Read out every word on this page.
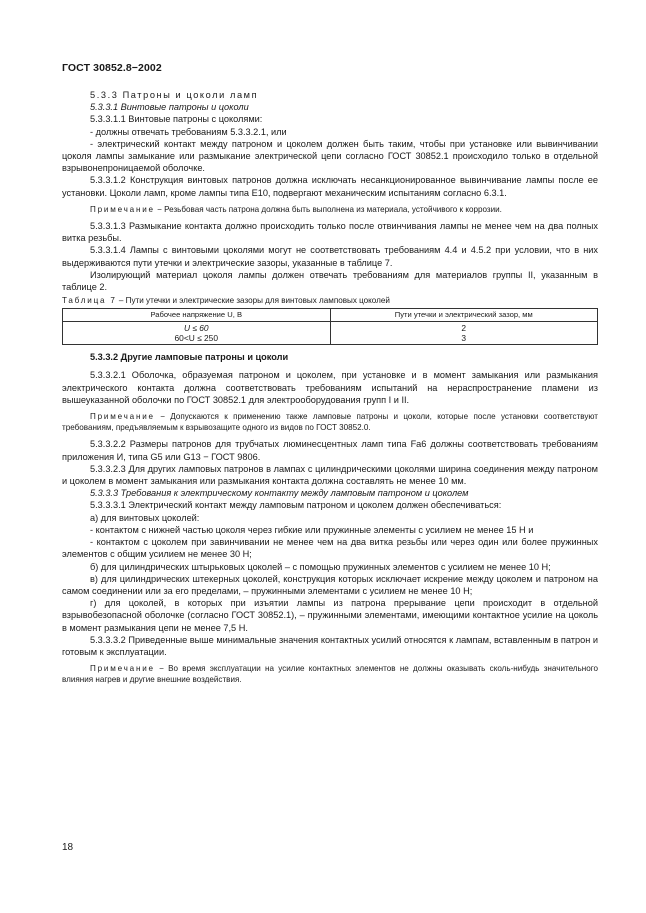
ГОСТ 30852.8−2002

5.3.3 Патроны и цоколи ламп

5.3.3.1 Винтовые патроны и цоколи

5.3.3.1.1 Винтовые патроны с цоколями:

- должны отвечать требованиям 5.3.3.2.1, или

- электрический контакт между патроном и цоколем должен быть таким, чтобы при установке или вывинчивании цоколя лампы замыкание или размыкание электрической цепи согласно ГОСТ 30852.1 происходило только в отдельной взрывонепроницаемой оболочке.

5.3.3.1.2 Конструкция винтовых патронов должна исключать несанкционированное вывинчивание лампы после ее установки. Цоколи ламп, кроме лампы типа Е10, подвергают механическим испытаниям согласно 6.3.1.

Примечание − Резьбовая часть патрона должна быть выполнена из материала, устойчивого к коррозии.

5.3.3.1.3 Размыкание контакта должно происходить только после отвинчивания лампы не менее чем на два полных витка резьбы.

5.3.3.1.4 Лампы с винтовыми цоколями могут не соответствовать требованиям 4.4 и 4.5.2 при условии, что в них выдерживаются пути утечки и электрические зазоры, указанные в таблице 7.

Изолирующий материал цоколя лампы должен отвечать требованиям для материалов группы II, указанным в таблице 2.

Таблица 7 – Пути утечки и электрические зазоры для винтовых ламповых цоколей

Рабочее напряжение U, В	Пути утечки и электрический зазор, мм
U ≤ 60	2
60<U ≤ 250	3

5.3.3.2 Другие ламповые патроны и цоколи

5.3.3.2.1 Оболочка, образуемая патроном и цоколем, при установке и в момент замыкания или размыкания электрического контакта должна соответствовать требованиям испытаний на нераспространение пламени из вышеуказанной оболочки по ГОСТ 30852.1 для электрооборудования групп I и II.

Примечание − Допускаются к применению также ламповые патроны и цоколи, которые после установки соответствуют требованиям, предъявляемым к взрывозащите одного из видов по ГОСТ 30852.0.

5.3.3.2.2 Размеры патронов для трубчатых люминесцентных ламп типа Fa6 должны соответствовать требованиям приложения И, типа G5 или G13 − ГОСТ 9806.

5.3.3.2.3 Для других ламповых патронов в лампах с цилиндрическими цоколями ширина соединения между патроном и цоколем в момент замыкания или размыкания контакта должна составлять не менее 10 мм.

5.3.3.3 Требования к электрическому контакту между ламповым патроном и цоколем

5.3.3.3.1 Электрический контакт между ламповым патроном и цоколем должен обеспечиваться:

а) для винтовых цоколей:

- контактом с нижней частью цоколя через гибкие или пружинные элементы с усилием не менее 15 Н и

- контактом с цоколем при завинчивании не менее чем на два витка резьбы или через один или более пружинных элементов с общим усилием не менее 30 Н;

б) для цилиндрических штырьковых цоколей – с помощью пружинных элементов с усилием не менее 10 Н;

в) для цилиндрических штекерных цоколей, конструкция которых исключает искрение между цоколем и патроном на самом соединении или за его пределами, – пружинными элементами с усилием не менее 10 Н;

г) для цоколей, в которых при изъятии лампы из патрона прерывание цепи происходит в отдельной взрывобезопасной оболочке (согласно ГОСТ 30852.1), – пружинными элементами, имеющими контактное усилие на цоколь в момент размыкания цепи не менее 7,5 Н.

5.3.3.3.2 Приведенные выше минимальные значения контактных усилий относятся к лампам, вставленным в патрон и готовым к эксплуатации.

Примечание − Во время эксплуатации на усилие контактных элементов не должны оказывать сколь-нибудь значительного влияния нагрев и другие внешние воздействия.

18
